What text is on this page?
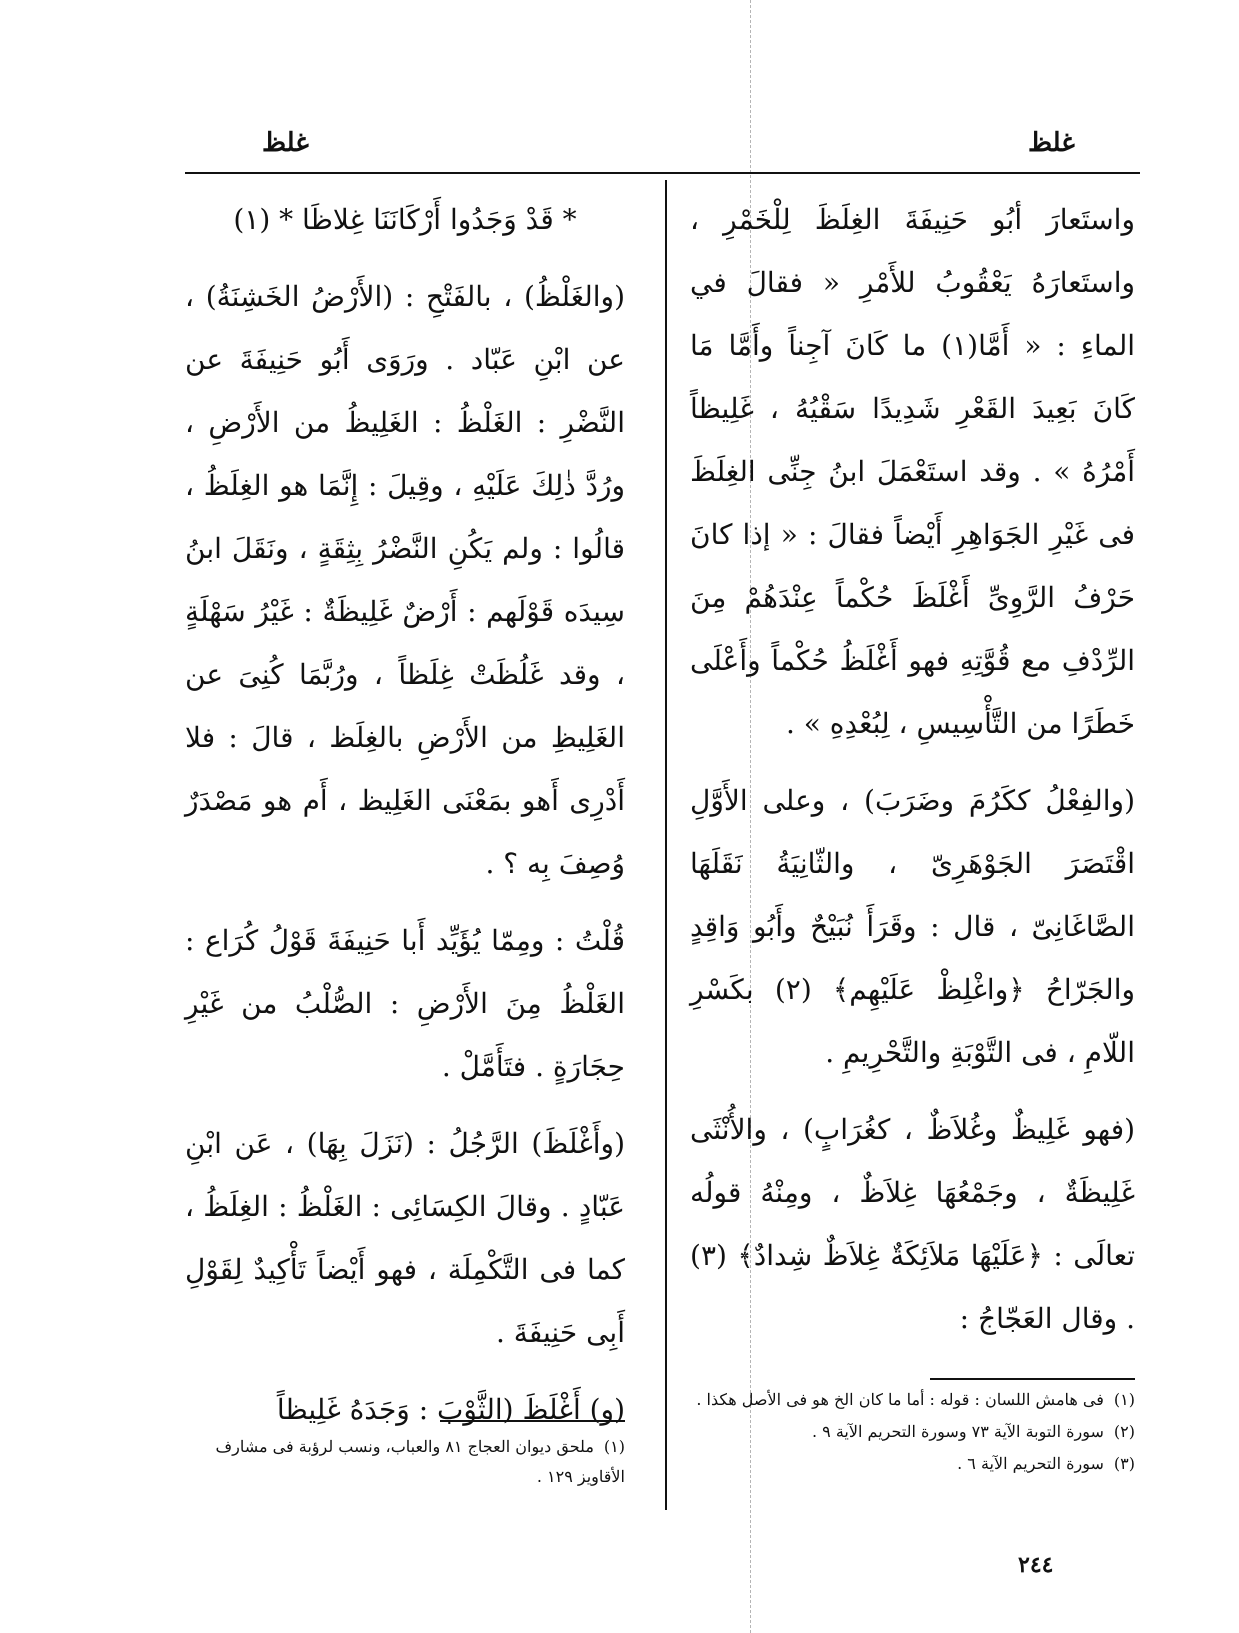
غلظ	غلظ

واستَعارَ أبُو حَنِيفَةَ الغِلَظَ لِلْخَمْرِ ، واستَعارَهُ يَعْقُوبُ للأَمْرِ « فقالَ في الماءِ : « أَمَّا(١) ما كَانَ آجِناً وأَمَّا مَا كَانَ بَعِيدَ القَعْرِ شَدِيدًا سَقْيُهُ ، غَلِيظاً أَمْرُهُ » . وقد استَعْمَلَ ابنُ جِنِّى الغِلَظَ فى غَيْرِ الجَوَاهِرِ أَيْضاً فقالَ : « إذا كانَ حَرْفُ الرَّوِىِّ أَغْلَظَ حُكْماً عِنْدَهُمْ مِنَ الرِّدْفِ مع قُوَّتِهِ فهو أَغْلَظُ حُكْماً وأَعْلَى خَطَرًا من التَّأْسِيسِ ، لِبُعْدِهِ » .

(والفِعْلُ ككَرُمَ وضَرَبَ) ، وعلى الأَوَّلِ اقْتَصَرَ الجَوْهَرِىّ ، والثّانِيَةُ نَقَلَهَا الصَّاغَانِىّ ، قال : وقَرَأَ نُبَيْحٌ وأَبُو وَاقِدٍ والجَرّاحُ ﴿واغْلِظْ عَلَيْهِم﴾ (٢) بكَسْرِ اللّامِ ، فى التَّوْبَةِ والتَّحْرِيمِ .

(فهو غَلِيظٌ وغُلاَظٌ ، كغُرَابٍ) ، والأُنْثَى غَلِيظَةٌ ، وجَمْعُهَا غِلاَظٌ ، ومِنْهُ قولُه تعالَى : ﴿عَلَيْهَا مَلاَئِكَةٌ غِلاَظٌ شِدادٌ﴾ (٣) . وقال العَجّاجُ :

* قَدْ وَجَدُوا أَرْكَانَنَا غِلاظَا * (١)

(والغَلْظُ) ، بالفَتْحِ : (الأَرْضُ الخَشِنَةُ) ، عن ابْنِ عَبّاد . ورَوَى أَبُو حَنِيفَةَ عن النَّضْرِ : الغَلْظُ : الغَلِيظُ من الأَرْضِ ، ورُدَّ ذٰلِكَ عَلَيْهِ ، وقِيلَ : إِنَّمَا هو الغِلَظُ ، قالُوا : ولم يَكُنِ النَّضْرُ بِثِقَةٍ ، ونَقَلَ ابنُ سِيدَه قَوْلَهم : أَرْضٌ غَلِيظَةٌ : غَيْرُ سَهْلَةٍ ، وقد غَلُظَتْ غِلَظاً ، ورُبَّمَا كُنِىَ عن الغَلِيظِ من الأَرْضِ بالغِلَظ ، قالَ : فلا أَدْرِى أَهو بمَعْنَى الغَلِيظ ، أَم هو مَصْدَرٌ وُصِفَ بِه ؟ .

قُلْتُ : ومِمّا يُؤَيِّد أَبا حَنِيفَةَ قَوْلُ كُرَاع : الغَلْظُ مِنَ الأَرْضِ : الصُّلْبُ من غَيْرِ حِجَارَةٍ . فتَأَمَّلْ .

(وأَغْلَظَ) الرَّجُلُ : (نَزَلَ بِهَا) ، عَن ابْنِ عَبّادٍ . وقالَ الكِسَائِى : الغَلْظُ : الغِلَظُ ، كما فى التَّكْمِلَة ، فهو أَيْضاً تَأْكِيدٌ لِقَوْلِ أَبِى حَنِيفَةَ .

(و) أَغْلَظَ (الثَّوْبَ : وَجَدَهُ غَلِيظاً	(١)فى هامش اللسان : قوله : أما ما كان الخ هو فى الأصل هكذا .

(٢)سورة التوبة الآية ٧٣ وسورة التحريم الآية ٩ .

(٣)سورة التحريم الآية ٦ .

(١)ملحق ديوان العجاج ٨١ والعباب، ونسب لرؤبة فى مشارف الأقاويز ١٢٩ .

٢٤٤
